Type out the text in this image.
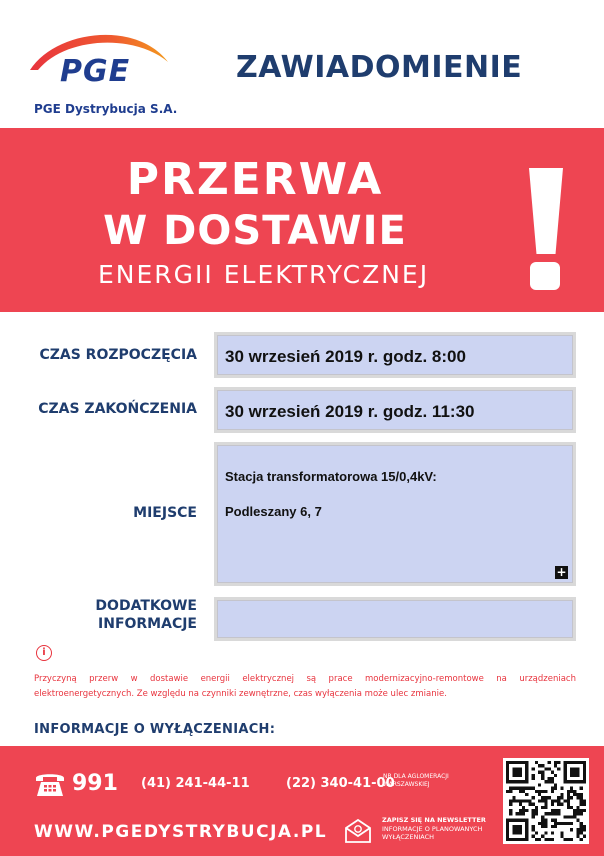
PGE
PGE Dystrybucja S.A.
ZAWIADOMIENIE
PRZERWA
W DOSTAWIE
ENERGII ELEKTRYCZNEJ
CZAS ROZPOCZĘCIA 30 wrzesień 2019 r. godz. 8:00
CZAS ZAKOŃCZENIA 30 wrzesień 2019 r. godz. 11:30
MIEJSCE
Stacja transformatorowa 15/0,4kV:
Podleszany 6, 7
+
DODATKOWE
INFORMACJE
i
Przyczyną przerw w dostawie energii elektrycznej są prace modernizacyjno-remontowe na urządzeniach elektroenergetycznych. Ze względu na czynniki zewnętrzne, czas wyłączenia może ulec zmianie.
INFORMACJE O WYŁĄCZENIACH:
991 (41) 241-44-11	(22) 340-41-00
NR DLA AGLOMERACJI
WARSZAWSKIEJ
WWW.PGEDYSTRYBUCJA.PL
ZAPISZ SIĘ NA NEWSLETTER
INFORMACJE O PLANOWANYCH
WYŁĄCZENIACH
